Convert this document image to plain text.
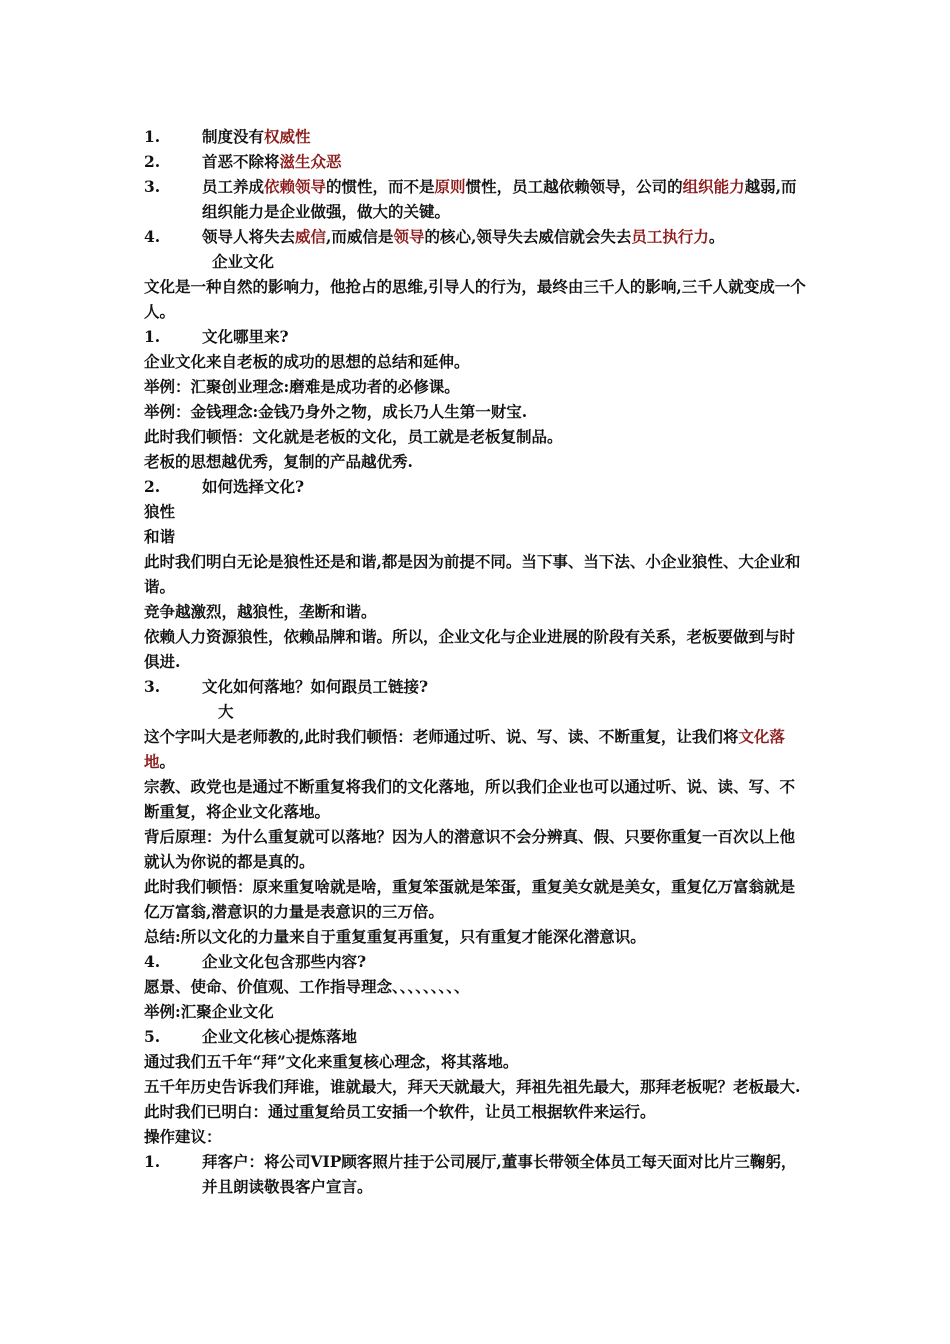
1.	制度没有权威性
2.	首恶不除将滋生众恶
3.	员工养成依赖领导的惯性，而不是原则惯性，员工越依赖领导，公司的组织能力越弱,而组织能力是企业做强，做大的关键。
4.	领导人将失去威信,而威信是领导的核心,领导失去威信就会失去员工执行力。
企业文化
文化是一种自然的影响力，他抢占的思维,引导人的行为，最终由三千人的影响,三千人就变成一个人。
1.	文化哪里来?
企业文化来自老板的成功的思想的总结和延伸。
举例：汇聚创业理念:磨难是成功者的必修课。
举例：金钱理念:金钱乃身外之物，成长乃人生第一财宝.
此时我们顿悟：文化就是老板的文化，员工就是老板复制品。
老板的思想越优秀，复制的产品越优秀.
2.	如何选择文化?
狼性
和谐
此时我们明白无论是狼性还是和谐,都是因为前提不同。当下事、当下法、小企业狼性、大企业和谐。
竞争越激烈，越狼性，垄断和谐。
依赖人力资源狼性，依赖品牌和谐。所以，企业文化与企业进展的阶段有关系，老板要做到与时俱进.
3.	文化如何落地？如何跟员工链接?
大
这个字叫大是老师教的,此时我们顿悟：老师通过听、说、写、读、不断重复，让我们将文化落地。
宗教、政党也是通过不断重复将我们的文化落地，所以我们企业也可以通过听、说、读、写、不断重复，将企业文化落地。
背后原理：为什么重复就可以落地？因为人的潜意识不会分辨真、假、只要你重复一百次以上他就认为你说的都是真的。
此时我们顿悟：原来重复啥就是啥，重复笨蛋就是笨蛋，重复美女就是美女，重复亿万富翁就是亿万富翁,潜意识的力量是表意识的三万倍。
总结:所以文化的力量来自于重复重复再重复，只有重复才能深化潜意识。
4.	企业文化包含那些内容?
愿景、使命、价值观、工作指导理念、、、、、、、、、
举例:汇聚企业文化
5.	企业文化核心提炼落地
通过我们五千年“拜”文化来重复核心理念，将其落地。
五千年历史告诉我们拜谁，谁就最大，拜天天就最大，拜祖先祖先最大，那拜老板呢？老板最大.
此时我们已明白：通过重复给员工安插一个软件，让员工根据软件来运行。
操作建议：
1.	拜客户：将公司VIP顾客照片挂于公司展厅,董事长带领全体员工每天面对比片三鞠躬，并且朗读敬畏客户宣言。
